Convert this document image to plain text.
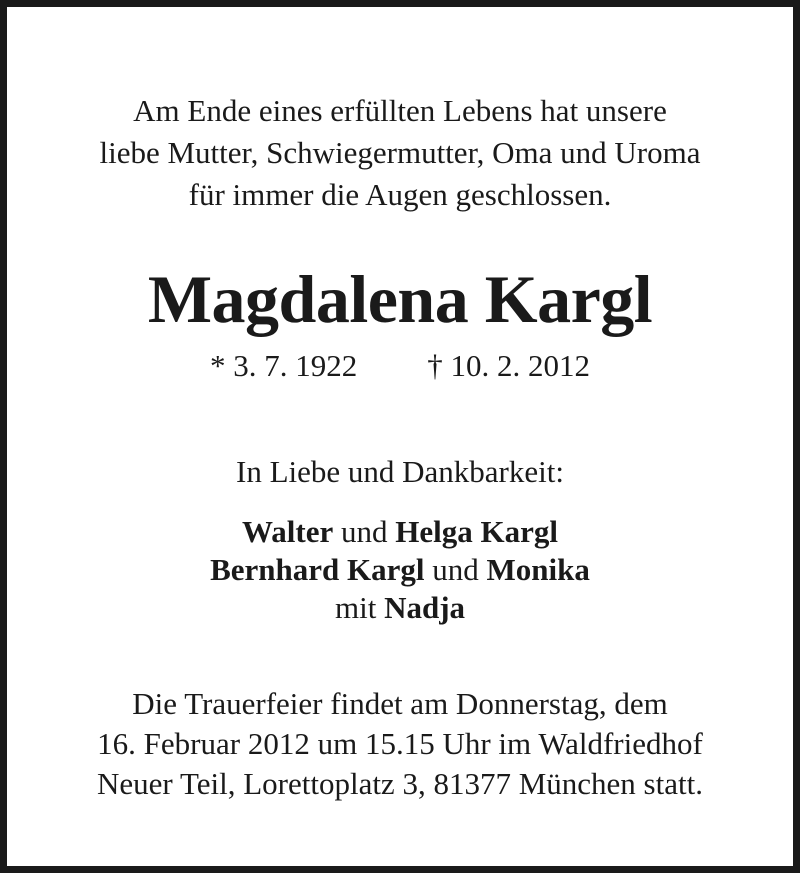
Am Ende eines erfüllten Lebens hat unsere
liebe Mutter, Schwiegermutter, Oma und Uroma
für immer die Augen geschlossen.
Magdalena Kargl
* 3. 7. 1922 † 10. 2. 2012
In Liebe und Dankbarkeit:
Walter und Helga Kargl
Bernhard Kargl und Monika
mit Nadja
Die Trauerfeier findet am Donnerstag, dem
16. Februar 2012 um 15.15 Uhr im Waldfriedhof
Neuer Teil, Lorettoplatz 3, 81377 München statt.
